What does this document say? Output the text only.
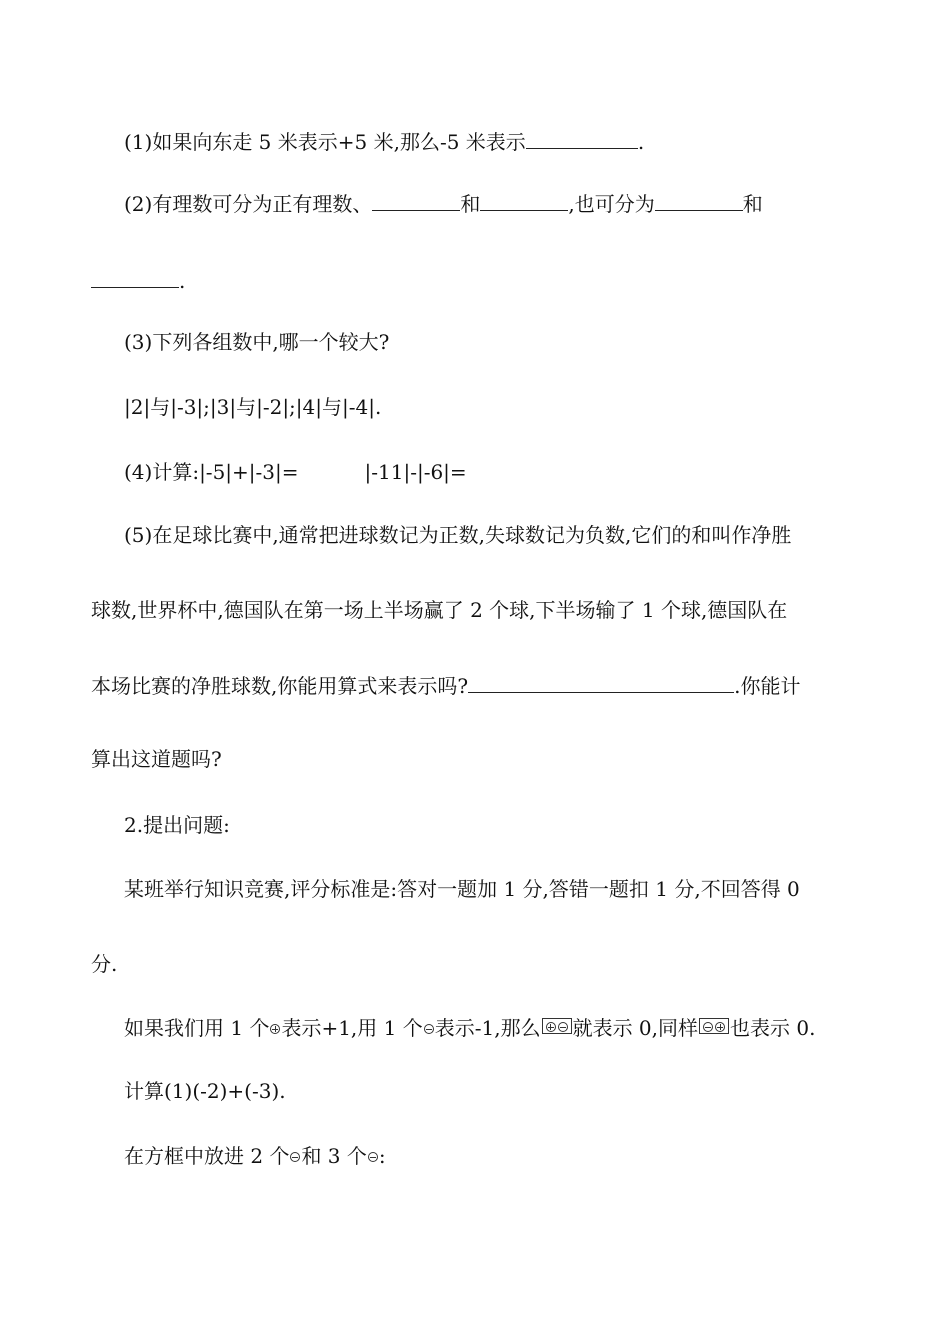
(1)如果向东走 5 米表示+5 米,那么-5 米表示	.
(2)有理数可分为正有理数、	和	,也可分为	和
.
(3)下列各组数中,哪一个较大?
|2|与|-3|;|3|与|-2|;|4|与|-4|.
(4)计算:|-5|+|-3|=	|-11|-|-6|=
(5)在足球比赛中,通常把进球数记为正数,失球数记为负数,它们的和叫作净胜
球数,世界杯中,德国队在第一场上半场赢了 2 个球,下半场输了 1 个球,德国队在
本场比赛的净胜球数,你能用算式来表示吗?	.你能计
算出这道题吗?
2.提出问题:
某班举行知识竞赛,评分标准是:答对一题加 1 分,答错一题扣 1 分,不回答得 0
分.
如果我们用 1 个 表示+1,用 1 个 表示-1,那么 就表示 0,同样 也表示 0.
计算(1)(-2)+(-3).
在方框中放进 2 个 和 3 个 :
